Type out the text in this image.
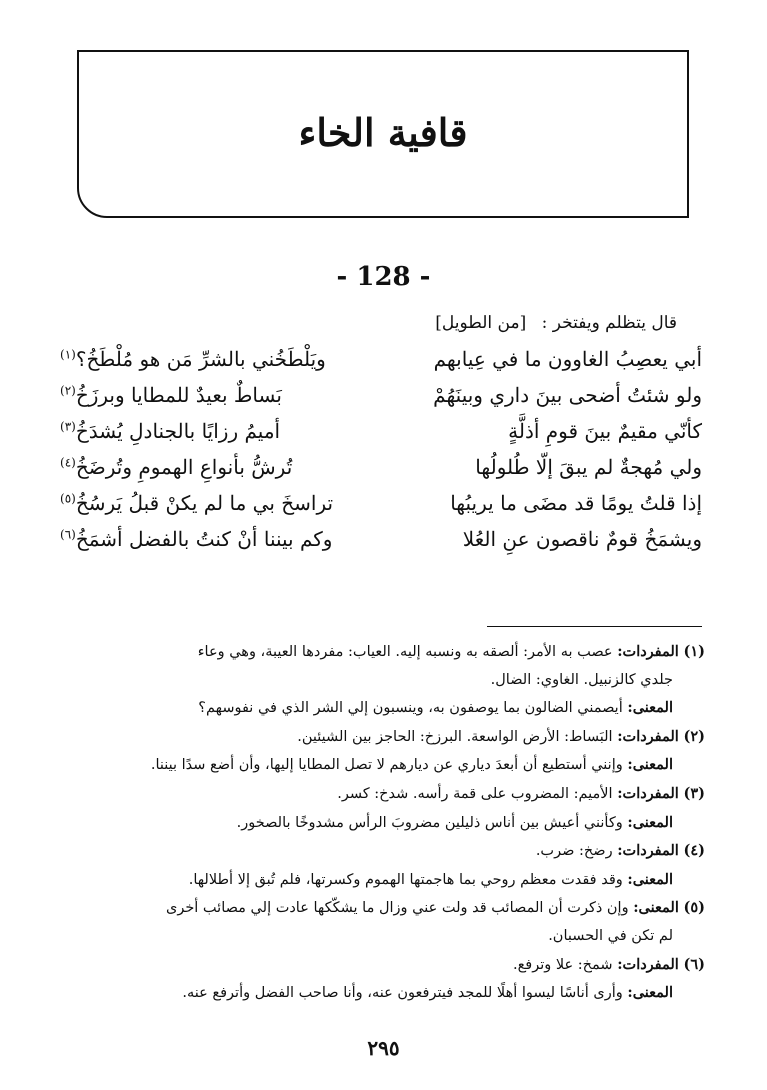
قافية الخاء
- 128 -
قال يتظلم ويفتخر : [من الطويل]
أبي يعصِبُ الغاوون ما في عِيابهم
ويَلْطَخُني بالشرِّ مَن هو مُلْطَخُ؟$^{(١)}$
ولو شئتُ أضحى بينَ داري وبينَهُمْ
بَساطٌ بعيدٌ للمطايا وبرزَخُ$^{(٢)}$
كأنّي مقيمٌ بينَ قومِ أذلَّةٍ
أميمُ رزايًا بالجنادلِ يُشدَخُ$^{(٣)}$
ولي مُهجةٌ لم يبقَ إلّا طُلولُها
تُرشُّ بأنواعِ الهمومِ وتُرضَخُ$^{(٤)}$
إذا قلتُ يومًا قد مضَى ما يريبُها
تراسخَ بي ما لم يكنْ قبلُ يَرسُخُ$^{(٥)}$
ويشمَخُ قومٌ ناقصون عنِ العُلا
وكم بيننا أنْ كنتُ بالفضل أشمَخُ$^{(٦)}$
(١) المفردات: عصب به الأمر: ألصقه به ونسبه إليه. العياب: مفردها العيبة، وهي وعاء
جلدي كالزنبيل. الغاوي: الضال.
المعنى: أيصمني الضالون بما يوصفون به، وينسبون إلي الشر الذي في نفوسهم؟
(٢) المفردات: البَساط: الأرض الواسعة. البرزخ: الحاجز بين الشيئين.
المعنى: وإنني أستطيع أن أبعدَ دياري عن ديارهم لا تصل المطايا إليها، وأن أضع سدًا بيننا.
(٣) المفردات: الأميم: المضروب على قمة رأسه. شدخ: كسر.
المعنى: وكأنني أعيش بين أناس ذليلين مضروبَ الرأس مشدوخًا بالصخور.
(٤) المفردات: رضخ: ضرب.
المعنى: وقد فقدت معظم روحي بما هاجمتها الهموم وكسرتها، فلم تُبق إلا أطلالها.
(٥) المعنى: وإن ذكرت أن المصائب قد ولت عني وزال ما يشكّكها عادت إلي مصائب أخرى
لم تكن في الحسبان.
(٦) المفردات: شمخ: علا وترفع.
المعنى: وأرى أناسًا ليسوا أهلًا للمجد فيترفعون عنه، وأنا صاحب الفضل وأترفع عنه.
٢٩٥
